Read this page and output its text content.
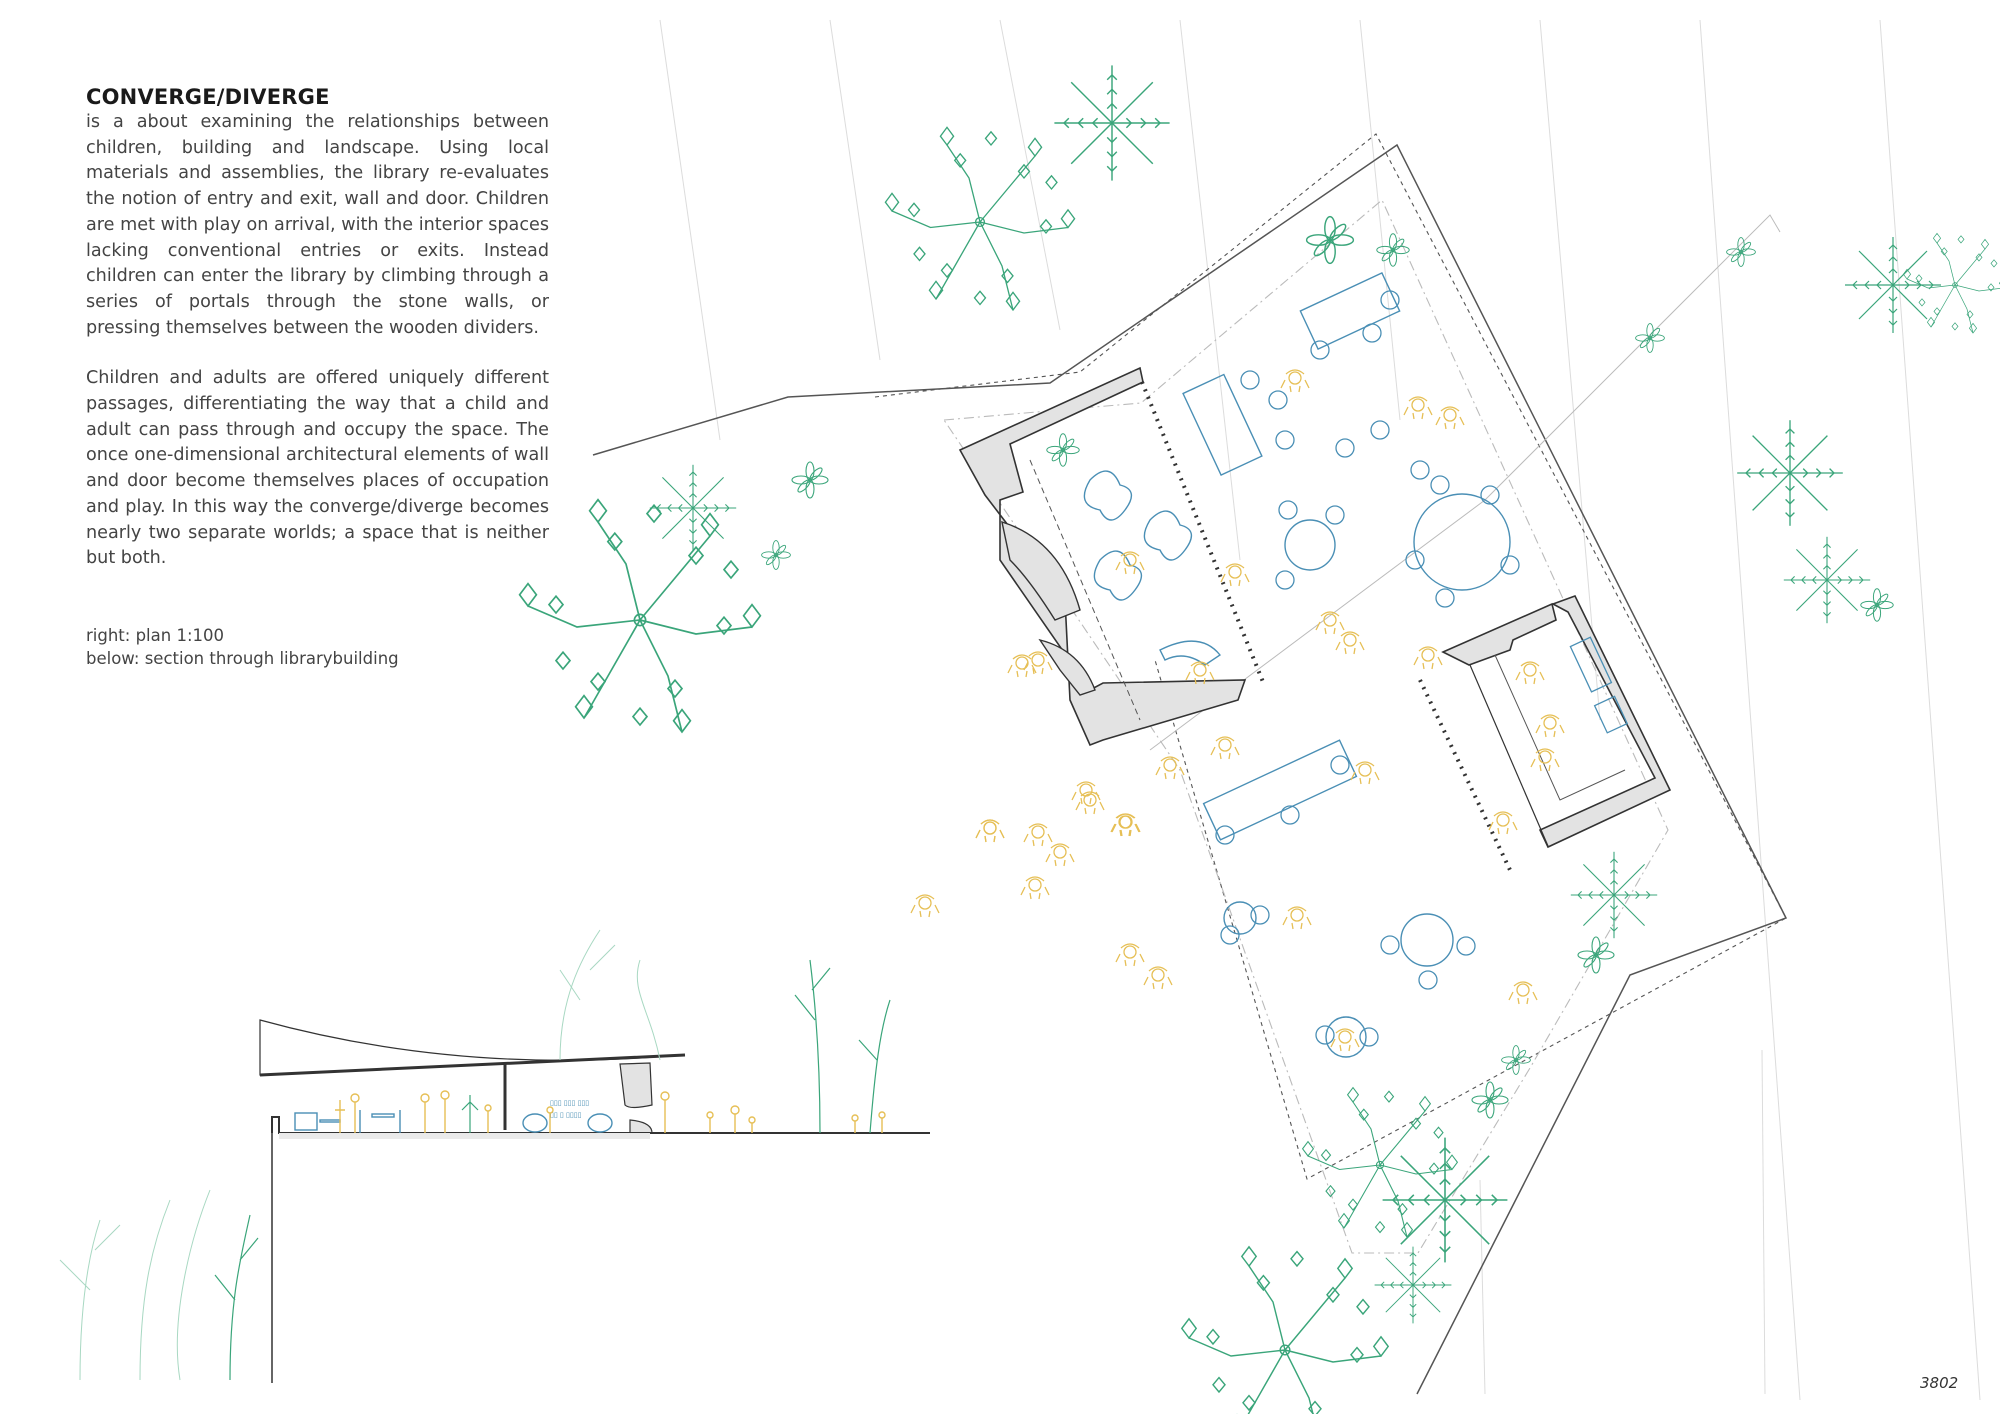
CONVERGE/DIVERGE

is a about examining the relationships between children, building and landscape. Using local materials and assemblies, the library re-evaluates the notion of entry and exit, wall and door. Children are met with play on arrival, with the interior spaces lacking conventional entries or exits. Instead children can enter the library by climbing through a series of portals through the stone walls, or pressing themselves between the wooden dividers.

Children and adults are offered uniquely different passages, differentiating the way that a child and adult can pass through and occupy the space. The once one-dimensional architectural elements of wall and door become themselves places of occupation and play. In this way the converge/diverge becomes nearly two separate worlds; a space that is neither but both.

right: plan 1:100
below: section through librarybuilding
3802
▯▯▯ ▯▯▯ ▯▯▯
▯▯ ▯ ▯▯▯▯
